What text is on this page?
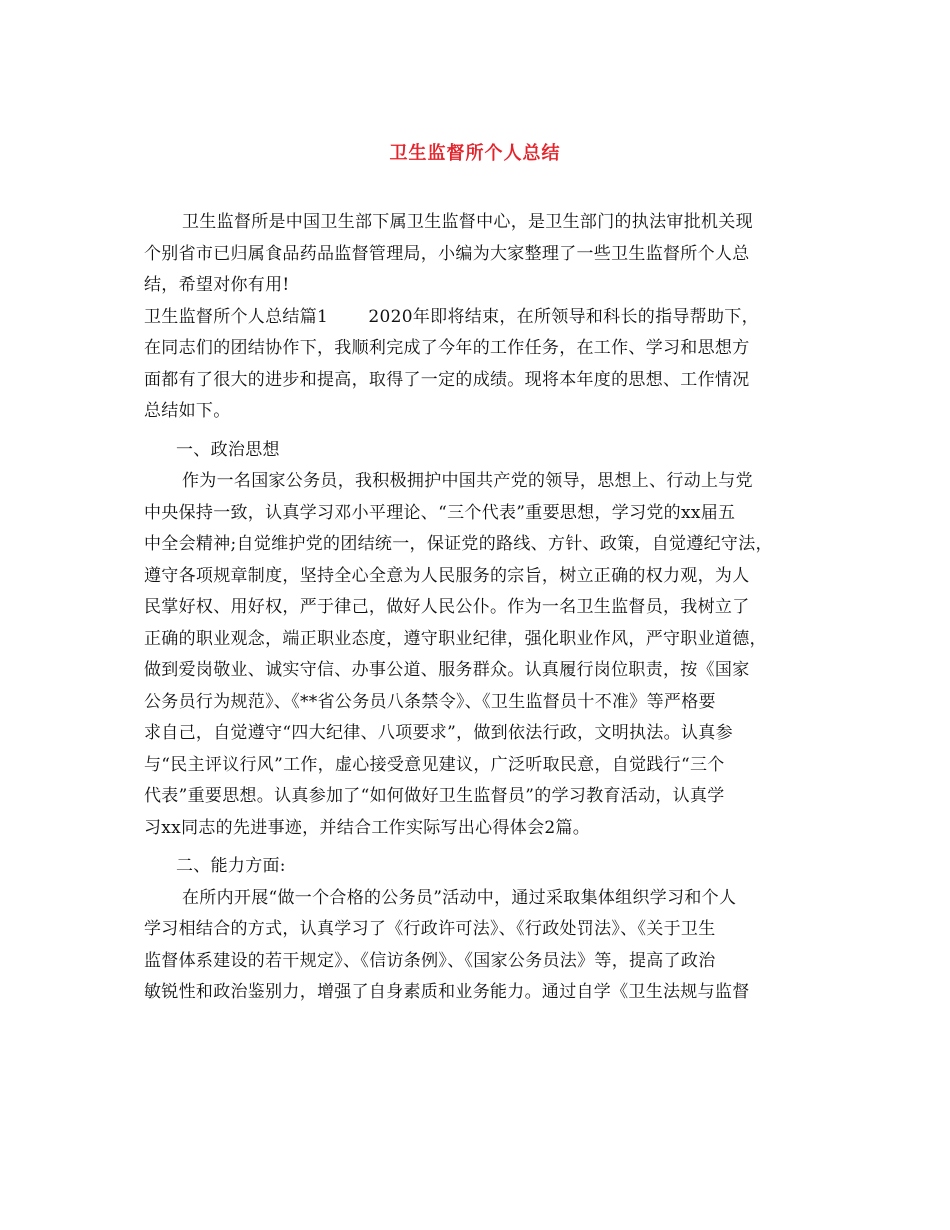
卫生监督所个人总结
卫生监督所是中国卫生部下属卫生监督中心，是卫生部门的执法审批机关现
个别省市已归属食品药品监督管理局，小编为大家整理了一些卫生监督所个人总
结，希望对你有用!
卫生监督所个人总结篇1　　 2020年即将结束，在所领导和科长的指导帮助下，
在同志们的团结协作下，我顺利完成了今年的工作任务，在工作、学习和思想方
面都有了很大的进步和提高，取得了一定的成绩。现将本年度的思想、工作情况
总结如下。
一、政治思想
作为一名国家公务员，我积极拥护中国共产党的领导，思想上、行动上与党
中央保持一致，认真学习邓小平理论、“三个代表”重要思想，学习党的xx届五
中全会精神;自觉维护党的团结统一，保证党的路线、方针、政策，自觉遵纪守法，
遵守各项规章制度，坚持全心全意为人民服务的宗旨，树立正确的权力观，为人
民掌好权、用好权，严于律己，做好人民公仆。作为一名卫生监督员，我树立了
正确的职业观念，端正职业态度，遵守职业纪律，强化职业作风，严守职业道德，
做到爱岗敬业、诚实守信、办事公道、服务群众。认真履行岗位职责，按《国家
公务员行为规范》、《**省公务员八条禁令》、《卫生监督员十不准》等严格要
求自己，自觉遵守“四大纪律、八项要求”，做到依法行政，文明执法。认真参
与“民主评议行风”工作，虚心接受意见建议，广泛听取民意，自觉践行“三个
代表”重要思想。认真参加了“如何做好卫生监督员”的学习教育活动，认真学
习xx同志的先进事迹，并结合工作实际写出心得体会2篇。
二、能力方面:
在所内开展“做一个合格的公务员”活动中，通过采取集体组织学习和个人
学习相结合的方式，认真学习了《行政许可法》、《行政处罚法》、《关于卫生
监督体系建设的若干规定》、《信访条例》、《国家公务员法》等，提高了政治
敏锐性和政治鉴别力，增强了自身素质和业务能力。通过自学《卫生法规与监督
